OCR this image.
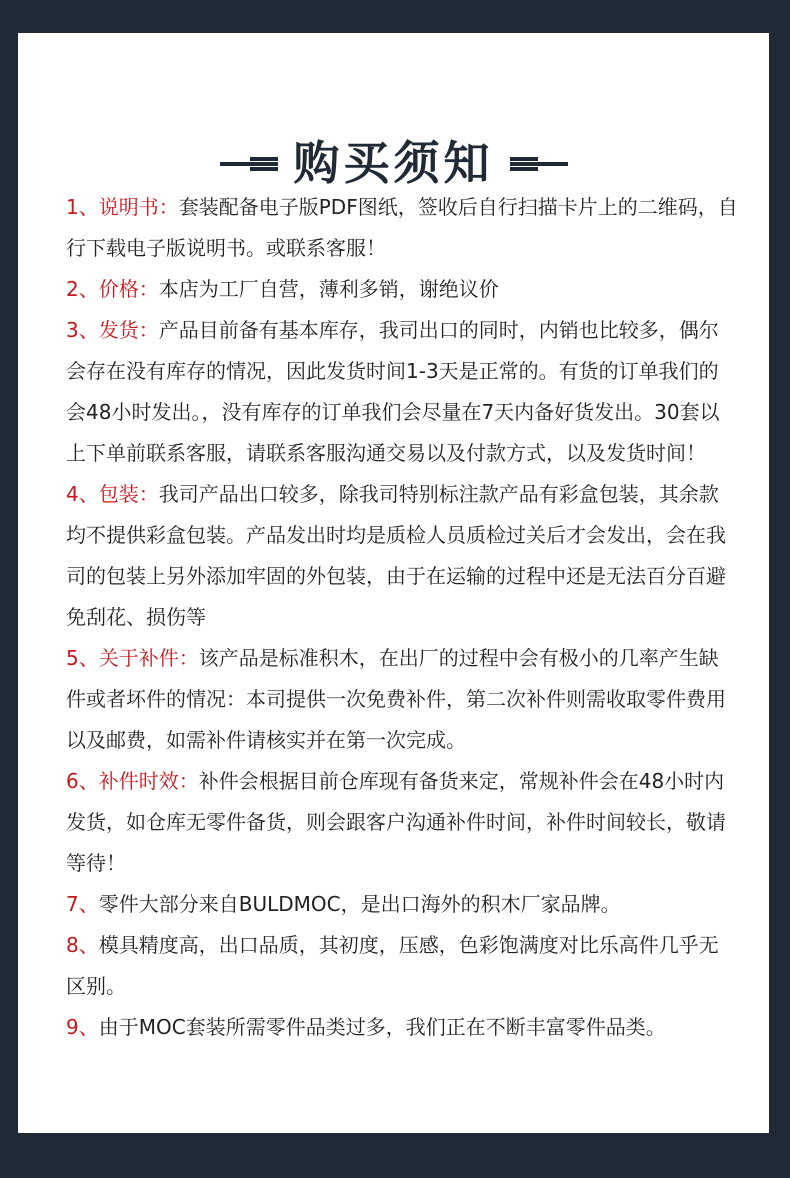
购买须知

1、说明书：套装配备电子版PDF图纸，签收后自行扫描卡片上的二维码，自行下载电子版说明书。或联系客服！

2、价格：本店为工厂自营，薄利多销，谢绝议价

3、发货：产品目前备有基本库存，我司出口的同时，内销也比较多，偶尔会存在没有库存的情况，因此发货时间1-3天是正常的。有货的订单我们的会48小时发出。，没有库存的订单我们会尽量在7天内备好货发出。30套以上下单前联系客服，请联系客服沟通交易以及付款方式，以及发货时间！

4、包装：我司产品出口较多，除我司特别标注款产品有彩盒包装，其余款均不提供彩盒包装。产品发出时均是质检人员质检过关后才会发出，会在我司的包装上另外添加牢固的外包装，由于在运输的过程中还是无法百分百避免刮花、损伤等

5、关于补件：该产品是标准积木，在出厂的过程中会有极小的几率产生缺件或者坏件的情况：本司提供一次免费补件，第二次补件则需收取零件费用以及邮费，如需补件请核实并在第一次完成。

6、补件时效：补件会根据目前仓库现有备货来定，常规补件会在48小时内发货，如仓库无零件备货，则会跟客户沟通补件时间，补件时间较长，敬请等待！

7、零件大部分来自BULDMOC，是出口海外的积木厂家品牌。

8、模具精度高，出口品质，其初度，压感，色彩饱满度对比乐高件几乎无区别。

9、由于MOC套装所需零件品类过多，我们正在不断丰富零件品类。
